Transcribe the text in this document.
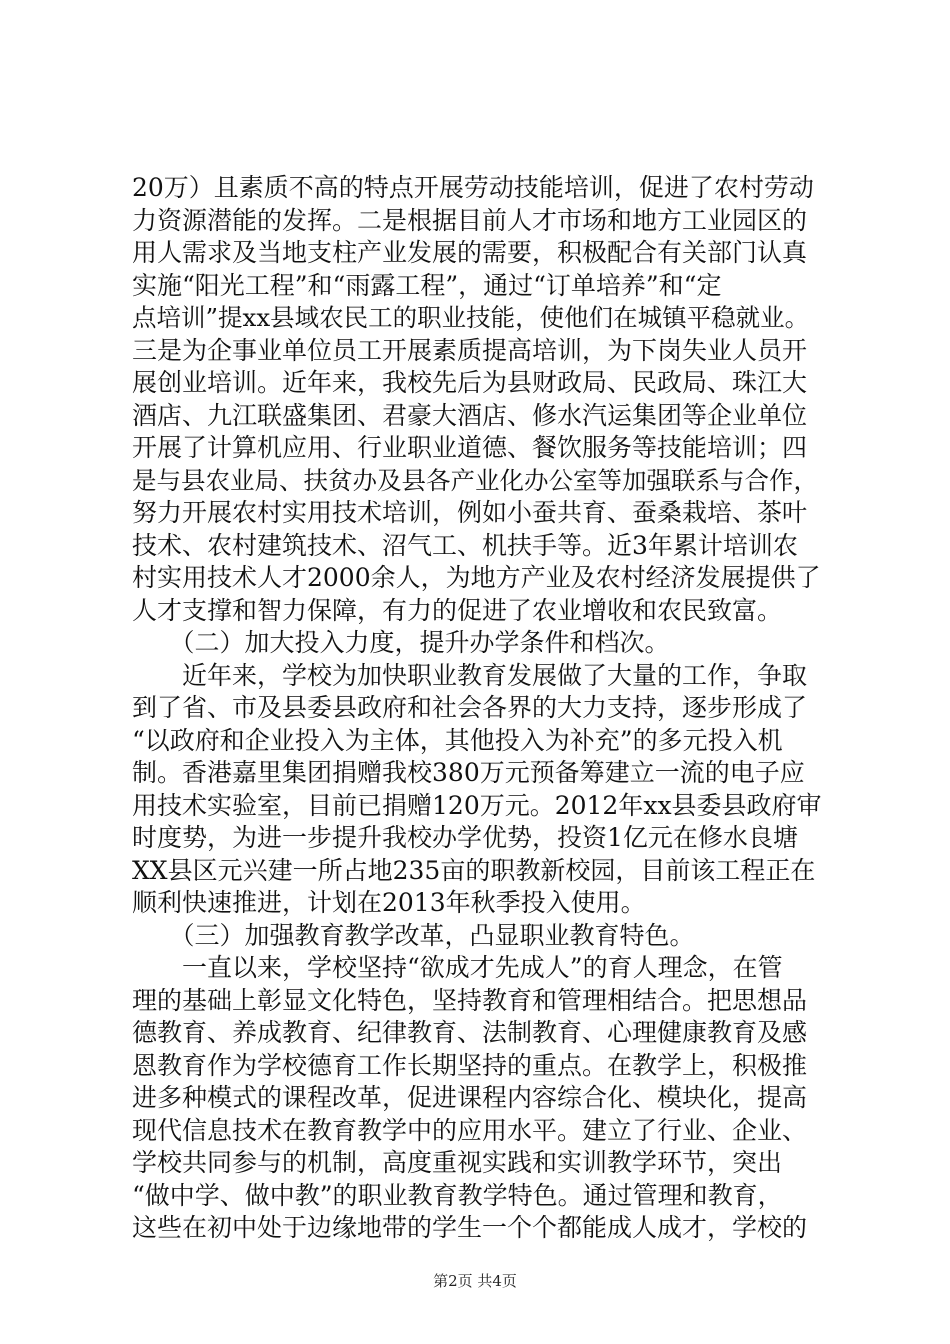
20万）且素质不高的特点开展劳动技能培训，促进了农村劳动
力资源潜能的发挥。二是根据目前人才市场和地方工业园区的
用人需求及当地支柱产业发展的需要，积极配合有关部门认真
实施“阳光工程”和“雨露工程”，通过“订单培养”和“定
点培训”提xx县域农民工的职业技能，使他们在城镇平稳就业。
三是为企事业单位员工开展素质提高培训，为下岗失业人员开
展创业培训。近年来，我校先后为县财政局、民政局、珠江大
酒店、九江联盛集团、君豪大酒店、修水汽运集团等企业单位
开展了计算机应用、行业职业道德、餐饮服务等技能培训；四
是与县农业局、扶贫办及县各产业化办公室等加强联系与合作，
努力开展农村实用技术培训，例如小蚕共育、蚕桑栽培、茶叶
技术、农村建筑技术、沼气工、机扶手等。近3年累计培训农
村实用技术人才2000余人，为地方产业及农村经济发展提供了
人才支撑和智力保障，有力的促进了农业增收和农民致富。
　　（二）加大投入力度，提升办学条件和档次。
　　近年来，学校为加快职业教育发展做了大量的工作，争取
到了省、市及县委县政府和社会各界的大力支持，逐步形成了
“以政府和企业投入为主体，其他投入为补充”的多元投入机
制。香港嘉里集团捐赠我校380万元预备筹建立一流的电子应
用技术实验室，目前已捐赠120万元。2012年xx县委县政府审
时度势，为进一步提升我校办学优势，投资1亿元在修水良塘
XX县区元兴建一所占地235亩的职教新校园，目前该工程正在
顺利快速推进，计划在2013年秋季投入使用。
　　（三）加强教育教学改革，凸显职业教育特色。
　　一直以来，学校坚持“欲成才先成人”的育人理念，在管
理的基础上彰显文化特色，坚持教育和管理相结合。把思想品
德教育、养成教育、纪律教育、法制教育、心理健康教育及感
恩教育作为学校德育工作长期坚持的重点。在教学上，积极推
进多种模式的课程改革，促进课程内容综合化、模块化，提高
现代信息技术在教育教学中的应用水平。建立了行业、企业、
学校共同参与的机制，高度重视实践和实训教学环节，突出
“做中学、做中教”的职业教育教学特色。通过管理和教育，
这些在初中处于边缘地带的学生一个个都能成人成才，学校的
第2页 共4页
